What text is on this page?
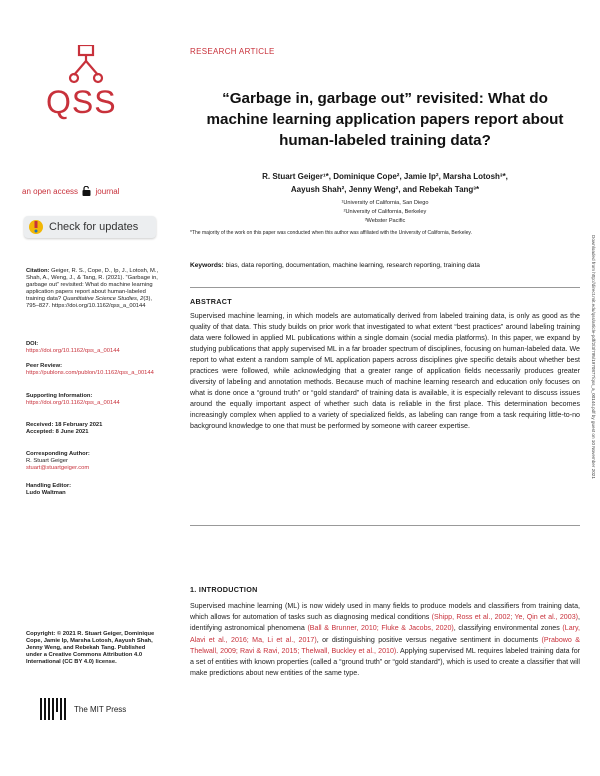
QSS
an open access journal
Check for updates
Citation: Geiger, R. S., Cope, D., Ip, J., Lotosh, M., Shah, A., Weng, J., & Tang, R. (2021). “Garbage in, garbage out” revisited: What do machine learning application papers report about human-labeled training data? Quantitative Science Studies, 2(3), 795–827. https://doi.org/10.1162/qss_a_00144
DOI:
https://doi.org/10.1162/qss_a_00144
Peer Review:
https://publons.com/publon/10.1162/qss_a_00144
Supporting Information:
https://doi.org/10.1162/qss_a_00144
Received: 18 February 2021
Accepted: 8 June 2021
Corresponding Author:
R. Stuart Geiger
stuart@stuartgeiger.com
Handling Editor:
Ludo Waltman
Copyright: © 2021 R. Stuart Geiger, Dominique Cope, Jamie Ip, Marsha Lotosh, Aayush Shah, Jenny Weng, and Rebekah Tang. Published under a Creative Commons Attribution 4.0 International (CC BY 4.0) license.
The MIT Press
RESEARCH ARTICLE
“Garbage in, garbage out” revisited: What do machine learning application papers report about human-labeled training data?
R. Stuart Geiger¹*, Dominique Cope², Jamie Ip², Marsha Lotosh³*,
Aayush Shah², Jenny Weng², and Rebekah Tang³*
¹University of California, San Diego
²University of California, Berkeley
³Webster Pacific
*The majority of the work on this paper was conducted when this author was affiliated with the University of California, Berkeley.
Keywords: bias, data reporting, documentation, machine learning, research reporting, training data
ABSTRACT
Supervised machine learning, in which models are automatically derived from labeled training data, is only as good as the quality of that data. This study builds on prior work that investigated to what extent “best practices” around labeling training data were followed in applied ML publications within a single domain (social media platforms). In this paper, we expand by studying publications that apply supervised ML in a far broader spectrum of disciplines, focusing on human-labeled data. We report to what extent a random sample of ML application papers across disciplines give specific details about whether best practices were followed, while acknowledging that a greater range of application fields necessarily produces greater diversity of labeling and annotation methods. Because much of machine learning research and education only focuses on what is done once a “ground truth” or “gold standard” of training data is available, it is especially relevant to discuss issues around the equally important aspect of whether such data is reliable in the first place. This determination becomes increasingly complex when applied to a variety of specialized fields, as labeling can range from a task requiring little-to-no background knowledge to one that must be performed by someone with career expertise.
1. INTRODUCTION
Supervised machine learning (ML) is now widely used in many fields to produce models and classifiers from training data, which allows for automation of tasks such as diagnosing medical conditions (Shipp, Ross et al., 2002; Ye, Qin et al., 2003), identifying astronomical phenomena (Ball & Brunner, 2010; Fluke & Jacobs, 2020), classifying environmental zones (Lary, Alavi et al., 2016; Ma, Li et al., 2017), or distinguishing positive versus negative sentiment in documents (Prabowo & Thelwall, 2009; Ravi & Ravi, 2015; Thelwall, Buckley et al., 2010). Applying supervised ML requires labeled training data for a set of entities with known properties (called a “ground truth” or “gold standard”), which is used to create a classifier that will make predictions about new entities of the same type.
Downloaded from http://direct.mit.edu/qss/article-pdf/2/3/795/1970877/qss_a_00144.pdf by guest on 10 November 2021
